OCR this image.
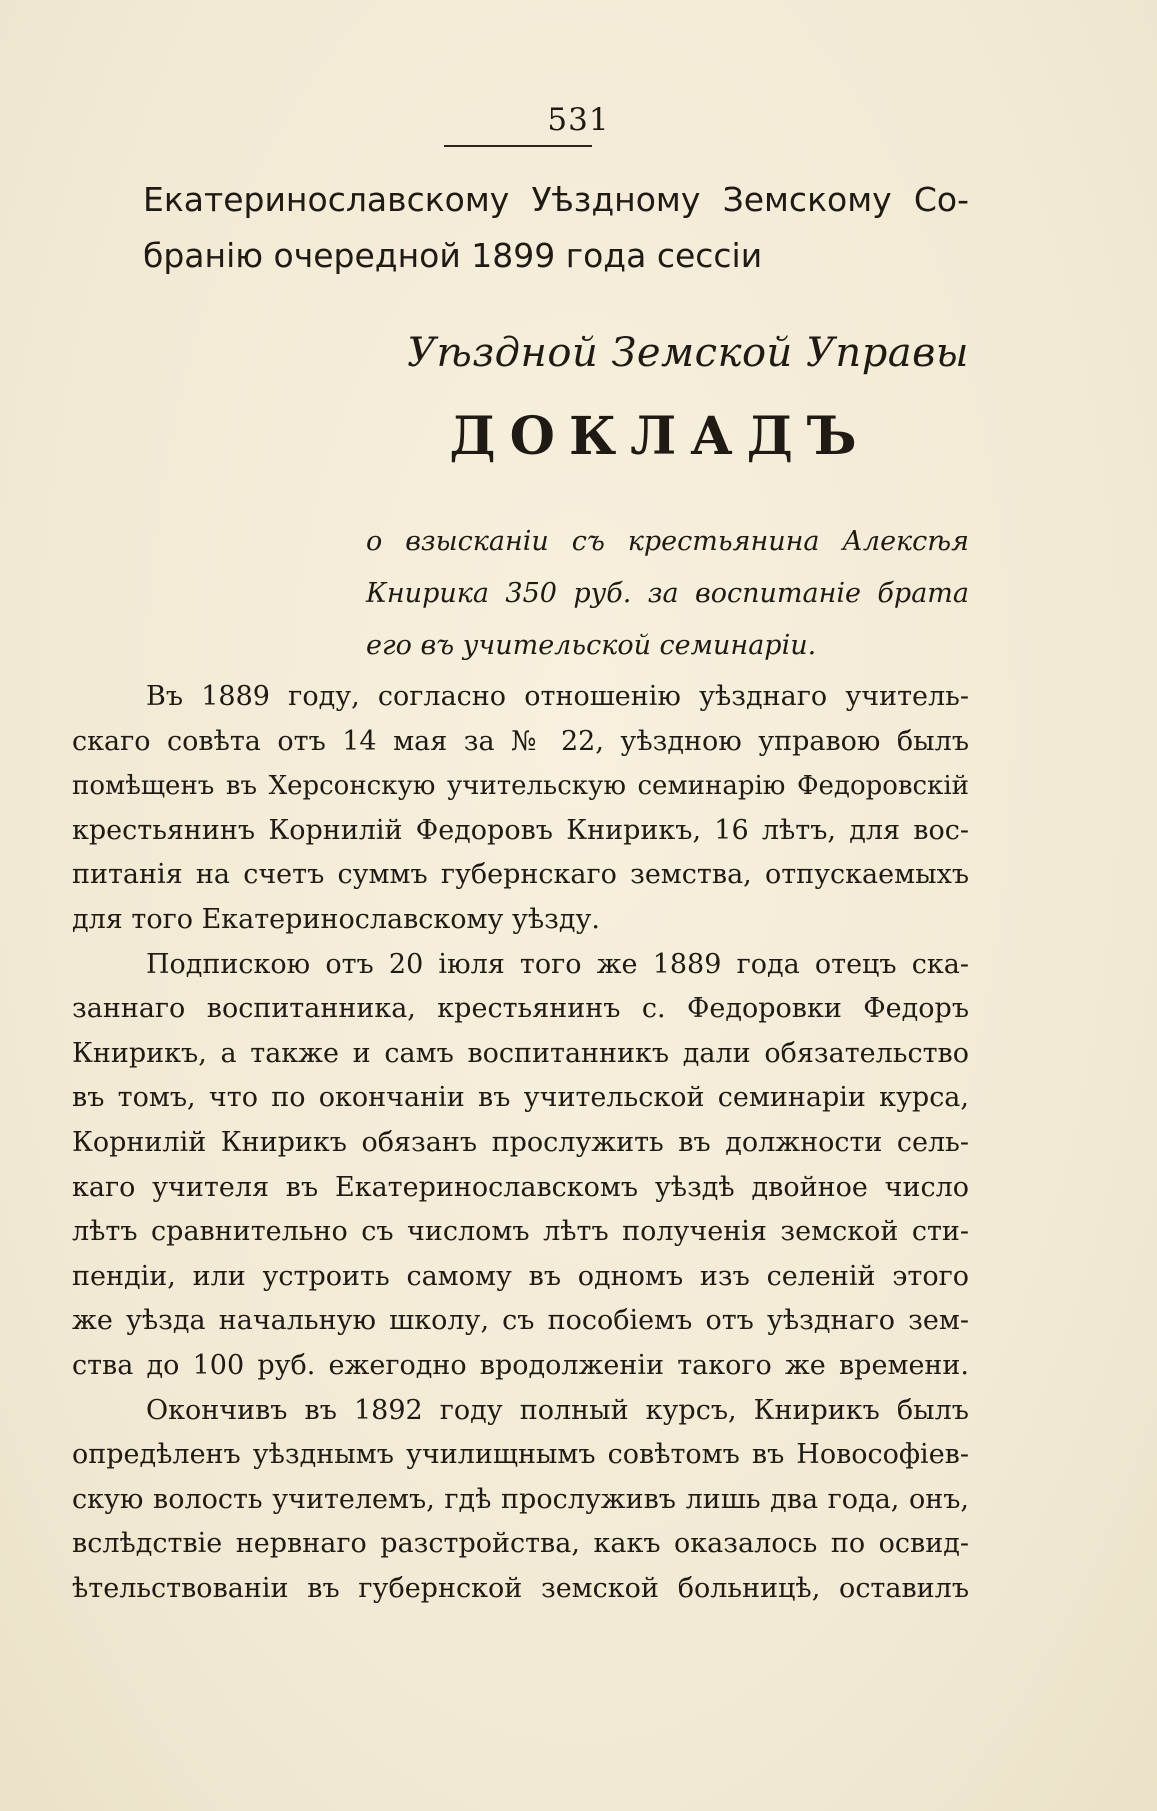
531
Екатеринославскому Уѣздному Земскому Со-
бранію очередной 1899 года сессіи
Уѣздной Земской Управы
ДОКЛАДЪ
о взысканіи съ крестьянина Алексѣя
Книрика 350 руб. за воспитаніе брата
его въ учительской семинаріи.
Въ 1889 году, согласно отношенію уѣзднаго учитель-
скаго совѣта отъ 14 мая за № 22, уѣздною управою былъ
помѣщенъ въ Херсонскую учительскую семинарію Федоровскій
крестьянинъ Корнилій Федоровъ Книрикъ, 16 лѣтъ, для вос-
питанія на счетъ суммъ губернскаго земства, отпускаемыхъ
для того Екатеринославскому уѣзду.
Подпискою отъ 20 іюля того же 1889 года отецъ ска-
заннаго воспитанника, крестьянинъ с. Федоровки Федоръ
Книрикъ, а также и самъ воспитанникъ дали обязательство
въ томъ, что по окончаніи въ учительской семинаріи курса,
Корнилій Книрикъ обязанъ прослужить въ должности сель-
каго учителя въ Екатеринославскомъ уѣздѣ двойное число
лѣтъ сравнительно съ числомъ лѣтъ полученія земской сти-
пендіи, или устроить самому въ одномъ изъ селеній этого
же уѣзда начальную школу, съ пособіемъ отъ уѣзднаго зем-
ства до 100 руб. ежегодно вродолженіи такого же времени.
Окончивъ въ 1892 году полный курсъ, Книрикъ былъ
опредѣленъ уѣзднымъ училищнымъ совѣтомъ въ Новософіев-
скую волость учителемъ, гдѣ прослуживъ лишь два года, онъ,
вслѣдствіе нервнаго разстройства, какъ оказалось по освид-
ѣтельствованіи въ губернской земской больницѣ, оставилъ
